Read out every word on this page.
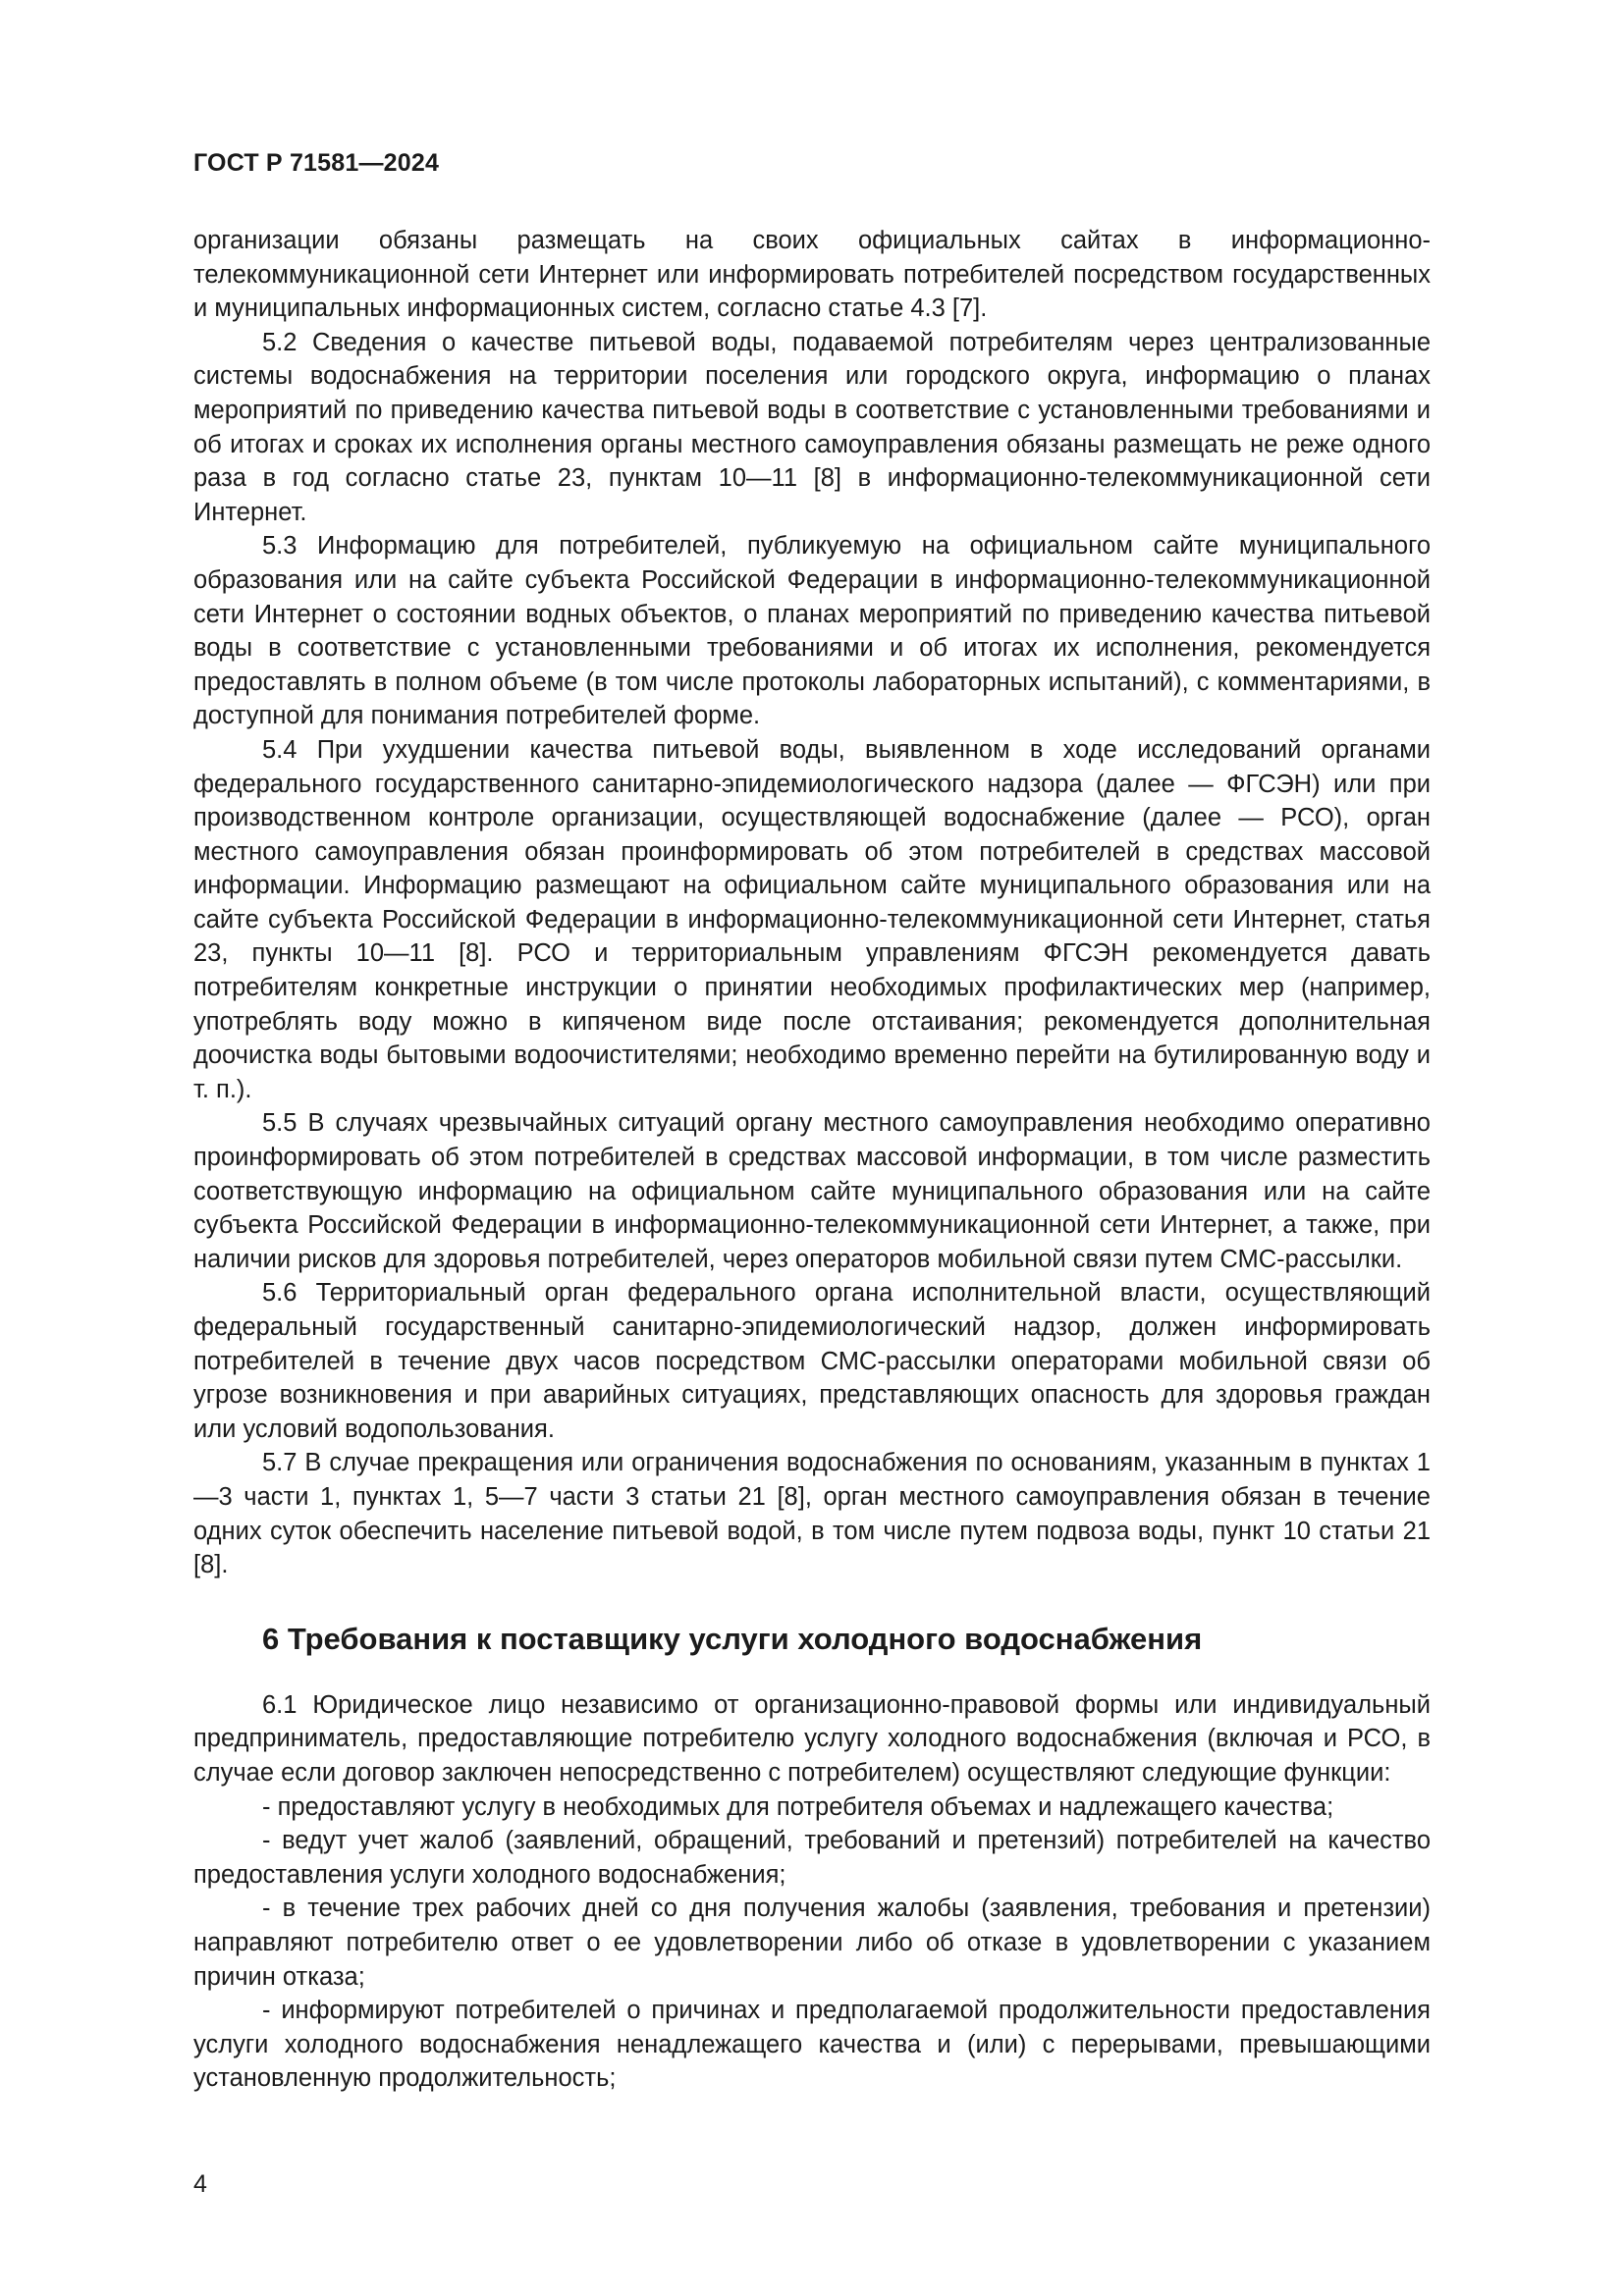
ГОСТ Р 71581—2024

организации обязаны размещать на своих официальных сайтах в информационно-телекоммуникационной сети Интернет или информировать потребителей посредством государственных и муниципальных информационных систем, согласно статье 4.3 [7].

5.2 Сведения о качестве питьевой воды, подаваемой потребителям через централизованные системы водоснабжения на территории поселения или городского округа, информацию о планах мероприятий по приведению качества питьевой воды в соответствие с установленными требованиями и об итогах и сроках их исполнения органы местного самоуправления обязаны размещать не реже одного раза в год согласно статье 23, пунктам 10—11 [8] в информационно-телекоммуникационной сети Интернет.

5.3 Информацию для потребителей, публикуемую на официальном сайте муниципального образования или на сайте субъекта Российской Федерации в информационно-телекоммуникационной сети Интернет о состоянии водных объектов, о планах мероприятий по приведению качества питьевой воды в соответствие с установленными требованиями и об итогах их исполнения, рекомендуется предоставлять в полном объеме (в том числе протоколы лабораторных испытаний), с комментариями, в доступной для понимания потребителей форме.

5.4 При ухудшении качества питьевой воды, выявленном в ходе исследований органами федерального государственного санитарно-эпидемиологического надзора (далее — ФГСЭН) или при производственном контроле организации, осуществляющей водоснабжение (далее — РСО), орган местного самоуправления обязан проинформировать об этом потребителей в средствах массовой информации. Информацию размещают на официальном сайте муниципального образования или на сайте субъекта Российской Федерации в информационно-телекоммуникационной сети Интернет, статья 23, пункты 10—11 [8]. РСО и территориальным управлениям ФГСЭН рекомендуется давать потребителям конкретные инструкции о принятии необходимых профилактических мер (например, употреблять воду можно в кипяченом виде после отстаивания; рекомендуется дополнительная доочистка воды бытовыми водоочистителями; необходимо временно перейти на бутилированную воду и т. п.).

5.5 В случаях чрезвычайных ситуаций органу местного самоуправления необходимо оперативно проинформировать об этом потребителей в средствах массовой информации, в том числе разместить соответствующую информацию на официальном сайте муниципального образования или на сайте субъекта Российской Федерации в информационно-телекоммуникационной сети Интернет, а также, при наличии рисков для здоровья потребителей, через операторов мобильной связи путем СМС-рассылки.

5.6 Территориальный орган федерального органа исполнительной власти, осуществляющий федеральный государственный санитарно-эпидемиологический надзор, должен информировать потребителей в течение двух часов посредством СМС-рассылки операторами мобильной связи об угрозе возникновения и при аварийных ситуациях, представляющих опасность для здоровья граждан или условий водопользования.

5.7 В случае прекращения или ограничения водоснабжения по основаниям, указанным в пунктах 1—3 части 1, пунктах 1, 5—7 части 3 статьи 21 [8], орган местного самоуправления обязан в течение одних суток обеспечить население питьевой водой, в том числе путем подвоза воды, пункт 10 статьи 21 [8].

6 Требования к поставщику услуги холодного водоснабжения

6.1 Юридическое лицо независимо от организационно-правовой формы или индивидуальный предприниматель, предоставляющие потребителю услугу холодного водоснабжения (включая и РСО, в случае если договор заключен непосредственно с потребителем) осуществляют следующие функции:

- предоставляют услугу в необходимых для потребителя объемах и надлежащего качества;

- ведут учет жалоб (заявлений, обращений, требований и претензий) потребителей на качество предоставления услуги холодного водоснабжения;

- в течение трех рабочих дней со дня получения жалобы (заявления, требования и претензии) направляют потребителю ответ о ее удовлетворении либо об отказе в удовлетворении с указанием причин отказа;

- информируют потребителей о причинах и предполагаемой продолжительности предоставления услуги холодного водоснабжения ненадлежащего качества и (или) с перерывами, превышающими установленную продолжительность;

4
